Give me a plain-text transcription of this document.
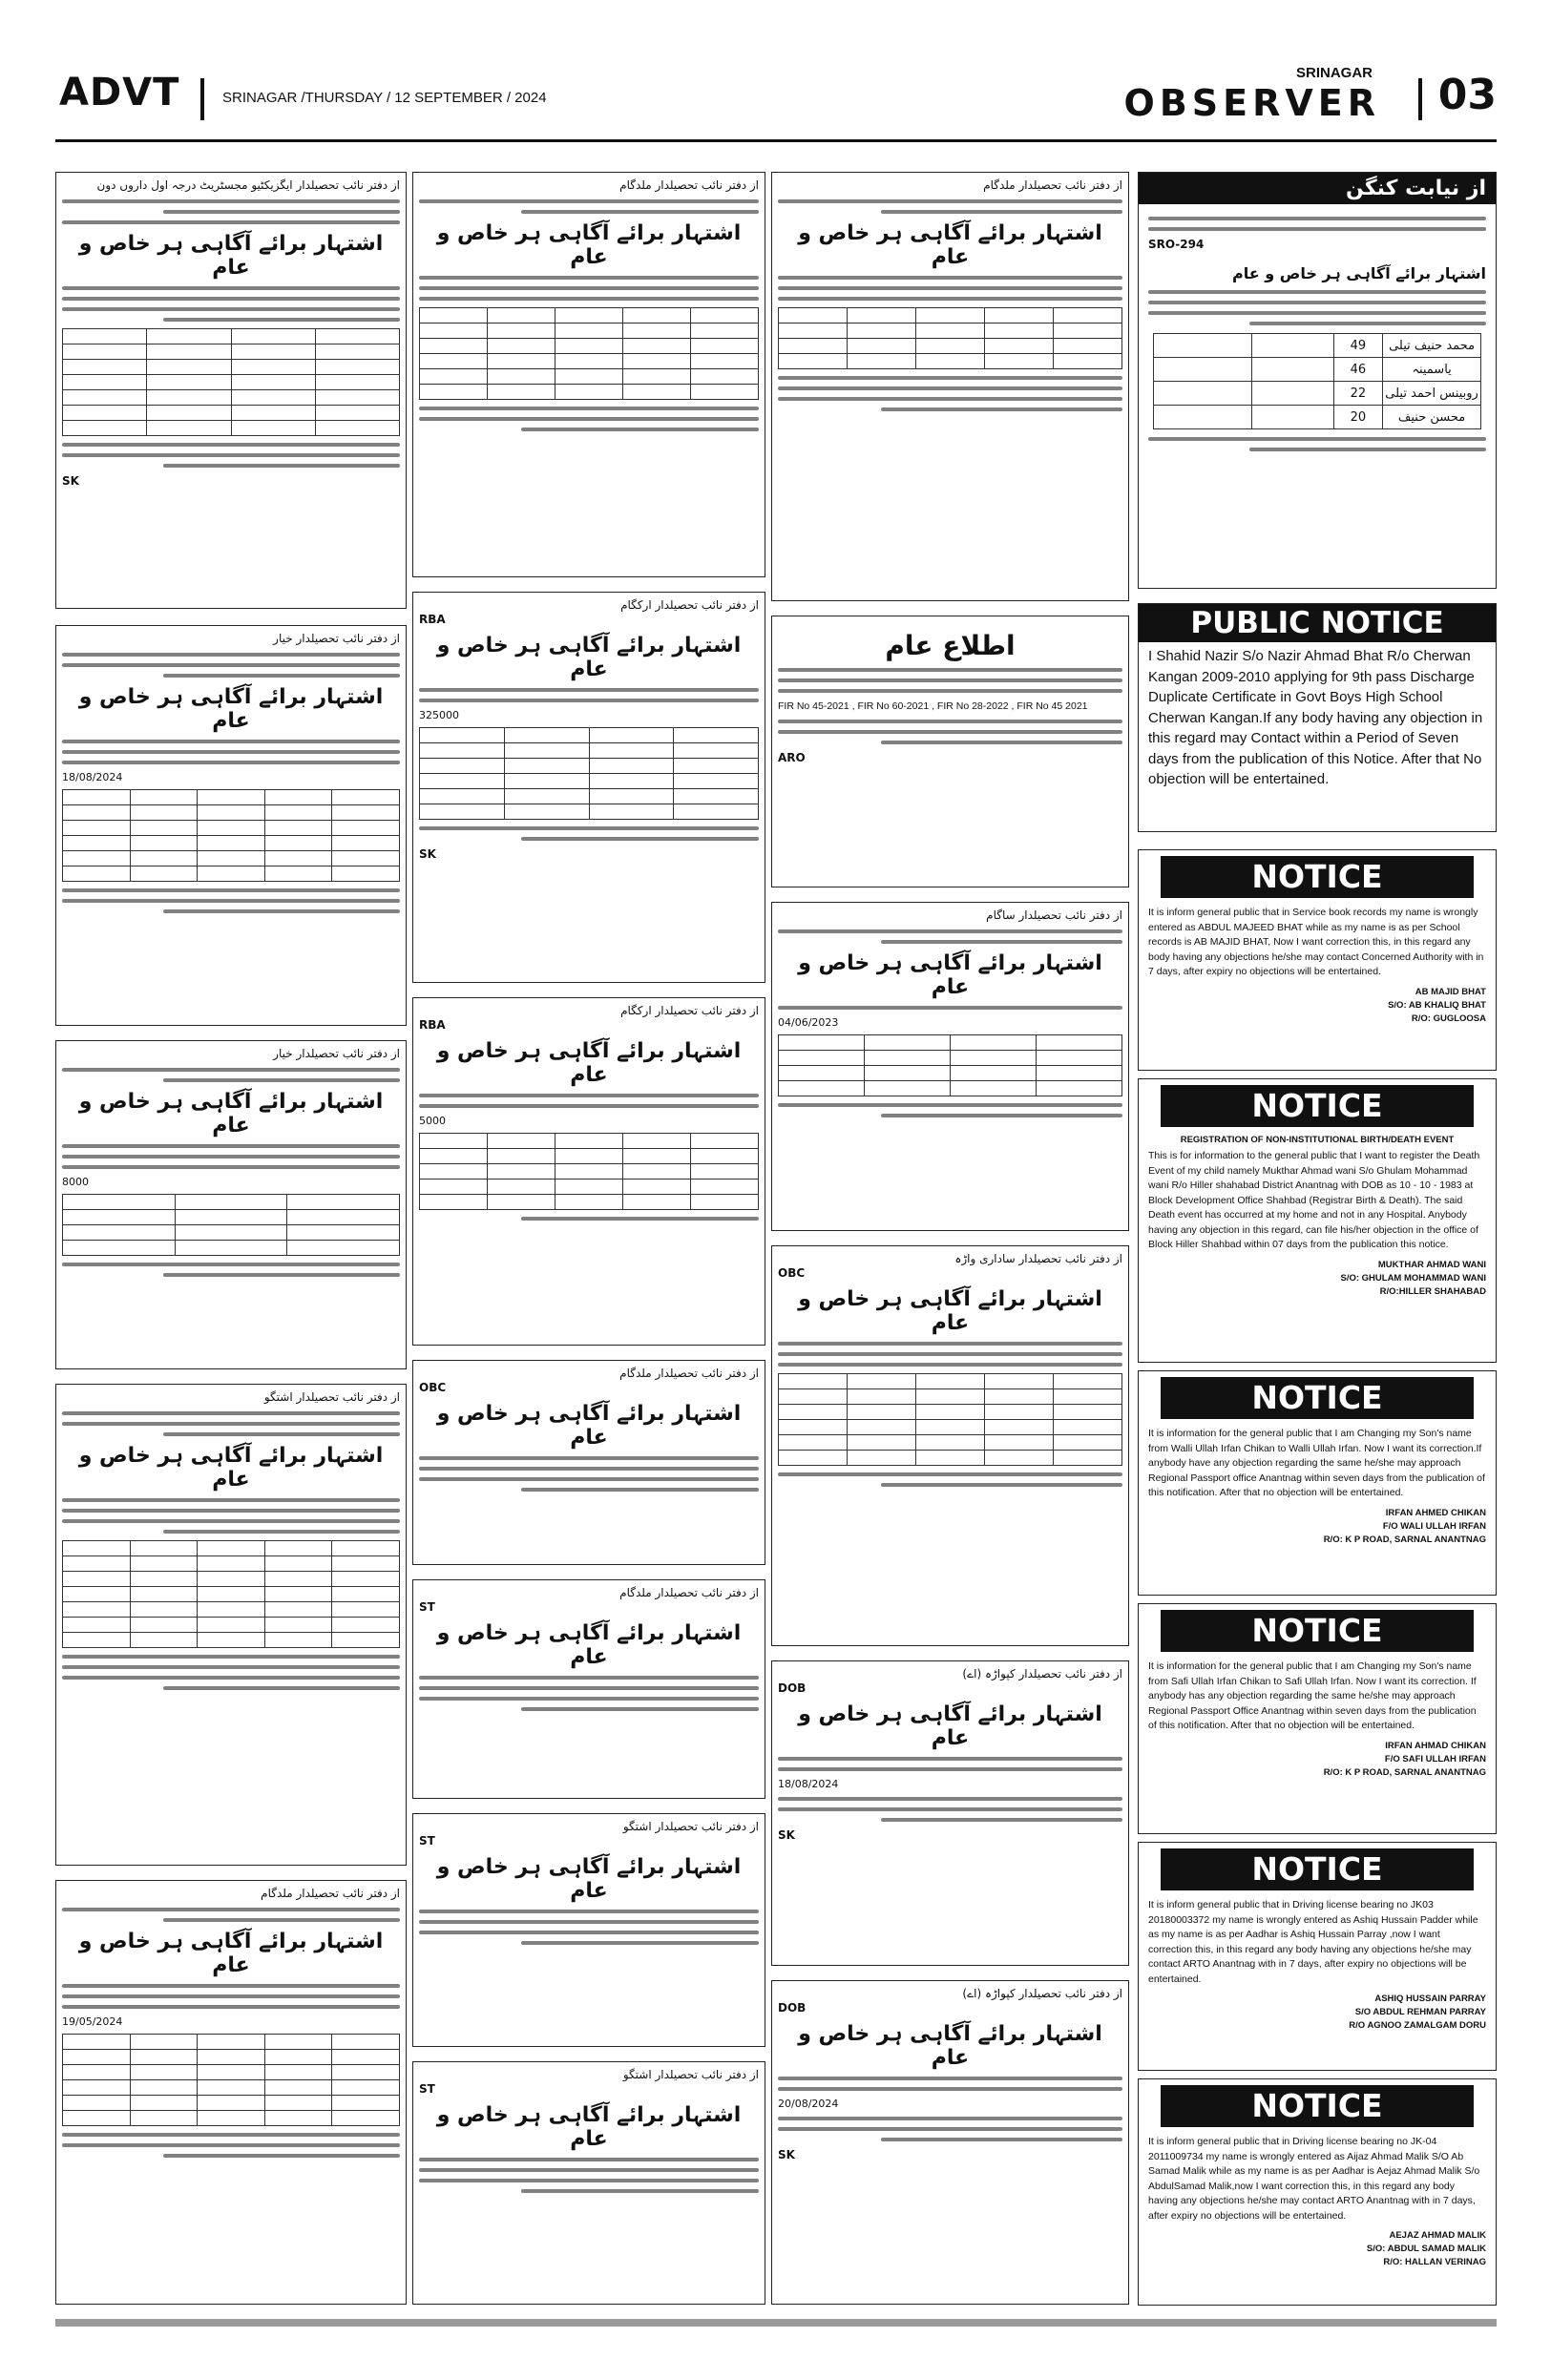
ADVT	SRINAGAR /THURSDAY / 12 SEPTEMBER / 2024
SRINAGAR
OBSERVER 03
از دفتر نائب تحصیلدار ایگزیکٹیو مجسٹریٹ درجہ اول داروں دون
اشتہار برائے آگاہی ہر خاص و عام

SK
از دفتر نائب تحصیلدار خیار
اشتہار برائے آگاہی ہر خاص و عام
18/08/2024

از دفتر نائب تحصیلدار خیار
اشتہار برائے آگاہی ہر خاص و عام
8000

از دفتر نائب تحصیلدار اشتگو
اشتہار برائے آگاہی ہر خاص و عام

از دفتر نائب تحصیلدار ملدگام
اشتہار برائے آگاہی ہر خاص و عام
19/05/2024

از دفتر نائب تحصیلدار ملدگام
اشتہار برائے آگاہی ہر خاص و عام

از دفتر نائب تحصیلدار ارکگام
RBA
اشتہار برائے آگاہی ہر خاص و عام
325000

SK
از دفتر نائب تحصیلدار ارکگام
RBA
اشتہار برائے آگاہی ہر خاص و عام
5000

از دفتر نائب تحصیلدار ملدگام
OBC
اشتہار برائے آگاہی ہر خاص و عام
از دفتر نائب تحصیلدار ملدگام
ST
اشتہار برائے آگاہی ہر خاص و عام
از دفتر نائب تحصیلدار اشتگو
ST
اشتہار برائے آگاہی ہر خاص و عام
از دفتر نائب تحصیلدار اشتگو
ST
اشتہار برائے آگاہی ہر خاص و عام
از دفتر نائب تحصیلدار ملدگام
اشتہار برائے آگاہی ہر خاص و عام

اطلاع عام
FIR No 45-2021 , FIR No 60-2021 , FIR No 28-2022 , FIR No 45 2021
ARO
از دفتر نائب تحصیلدار ساگام
اشتہار برائے آگاہی ہر خاص و عام
04/06/2023

از دفتر نائب تحصیلدار ساداری واڑہ
OBC
اشتہار برائے آگاہی ہر خاص و عام

از دفتر نائب تحصیلدار کپواڑہ (اے)
DOB
اشتہار برائے آگاہی ہر خاص و عام
18/08/2024
SK
از دفتر نائب تحصیلدار کپواڑہ (اے)
DOB
اشتہار برائے آگاہی ہر خاص و عام
20/08/2024
SK
از نیابت کنگن
SRO-294
اشتہار برائے آگاہی ہر خاص و عام
		49	محمد حنیف تیلی
		46	یاسمینہ
		22	روبینس احمد تیلی
		20	محسن حنیف
PUBLIC NOTICE
I Shahid Nazir S/o Nazir Ahmad Bhat R/o Cherwan Kangan 2009-2010 applying for 9th pass Discharge Duplicate Certificate in Govt Boys High School Cherwan Kangan.If any body having any objection in this regard may Contact within a Period of Seven days from the publication of this Notice. After that No objection will be entertained.
NOTICE
It is inform general public that in Service book records my name is wrongly entered as ABDUL MAJEED BHAT while as my name is as per School records is AB MAJID BHAT, Now I want correction this, in this regard any body having any objections he/she may contact Concerned Authority with in 7 days, after expiry no objections will be entertained.
AB MAJID BHAT
S/O: AB KHALIQ BHAT
R/O: GUGLOOSA
NOTICE
REGISTRATION OF NON-INSTITUTIONAL BIRTH/DEATH EVENT
This is for information to the general public that I want to register the Death Event of my child namely Mukthar Ahmad wani S/o Ghulam Mohammad wani R/o Hiller shahabad District Anantnag with DOB as 10 - 10 - 1983 at Block Development Office Shahbad (Registrar Birth & Death). The said Death event has occurred at my home and not in any Hospital. Anybody having any objection in this regard, can file his/her objection in the office of Block Hiller Shahbad within 07 days from the publication this notice.
MUKTHAR AHMAD WANI
S/O: GHULAM MOHAMMAD WANI
R/O:HILLER SHAHABAD
NOTICE
It is information for the general public that I am Changing my Son's name from Walli Ullah Irfan Chikan to Walli Ullah Irfan. Now I want its correction.If anybody have any objection regarding the same he/she may approach Regional Passport office Anantnag within seven days from the publication of this notification. After that no objection will be entertained.
IRFAN AHMED CHIKAN
F/O WALI ULLAH IRFAN
R/O: K P ROAD, SARNAL ANANTNAG
NOTICE
It is information for the general public that I am Changing my Son's name from Safi Ullah Irfan Chikan to Safi Ullah Irfan. Now I want its correction. If anybody has any objection regarding the same he/she may approach Regional Passport Office Anantnag within seven days from the publication of this notification. After that no objection will be entertained.
IRFAN AHMAD CHIKAN
F/O SAFI ULLAH IRFAN
R/O: K P ROAD, SARNAL ANANTNAG
NOTICE
It is inform general public that in Driving license bearing no JK03 20180003372 my name is wrongly entered as Ashiq Hussain Padder while as my name is as per Aadhar is Ashiq Hussain Parray ,now I want correction this, in this regard any body having any objections he/she may contact ARTO Anantnag with in 7 days, after expiry no objections will be entertained.
ASHIQ HUSSAIN PARRAY
S/O ABDUL REHMAN PARRAY
R/O AGNOO ZAMALGAM DORU
NOTICE
It is inform general public that in Driving license bearing no JK-04 2011009734 my name is wrongly entered as Aijaz Ahmad Malik S/O Ab Samad Malik while as my name is as per Aadhar is Aejaz Ahmad Malik S/o AbdulSamad Malik,now I want correction this, in this regard any body having any objections he/she may contact ARTO Anantnag with in 7 days, after expiry no objections will be entertained.
AEJAZ AHMAD MALIK
S/O: ABDUL SAMAD MALIK
R/O: HALLAN VERINAG
